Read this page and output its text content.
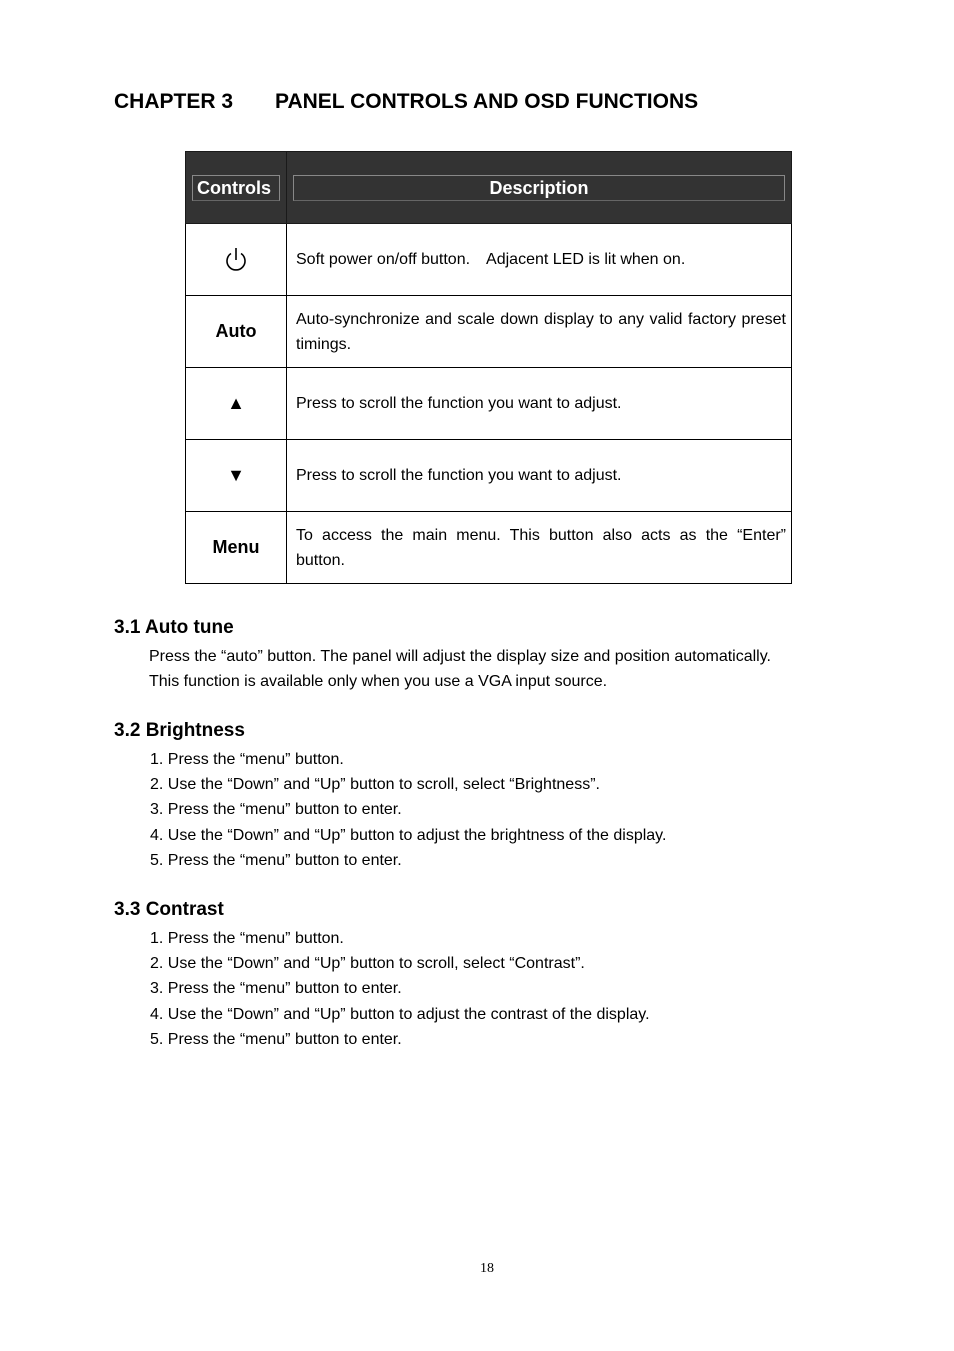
CHAPTER 3 PANEL CONTROLS AND OSD FUNCTIONS
Controls	Description

	Soft power on/off button.　Adjacent LED is lit when on.
Auto	Auto-synchronize and scale down display to any valid factory preset timings.
▲	Press to scroll the function you want to adjust.
▼	Press to scroll the function you want to adjust.
Menu	To access the main menu. This button also acts as the “Enter” button.
3.1 Auto tune
Press the “auto” button. The panel will adjust the display size and position automatically.
This function is available only when you use a VGA input source.
3.2 Brightness
1. Press the “menu” button.
2. Use the “Down” and “Up” button to scroll, select “Brightness”.
3. Press the “menu” button to enter.
4. Use the “Down” and “Up” button to adjust the brightness of the display.
5. Press the “menu” button to enter.
3.3 Contrast
1. Press the “menu” button.
2. Use the “Down” and “Up” button to scroll, select “Contrast”.
3. Press the “menu” button to enter.
4. Use the “Down” and “Up” button to adjust the contrast of the display.
5. Press the “menu” button to enter.
18
